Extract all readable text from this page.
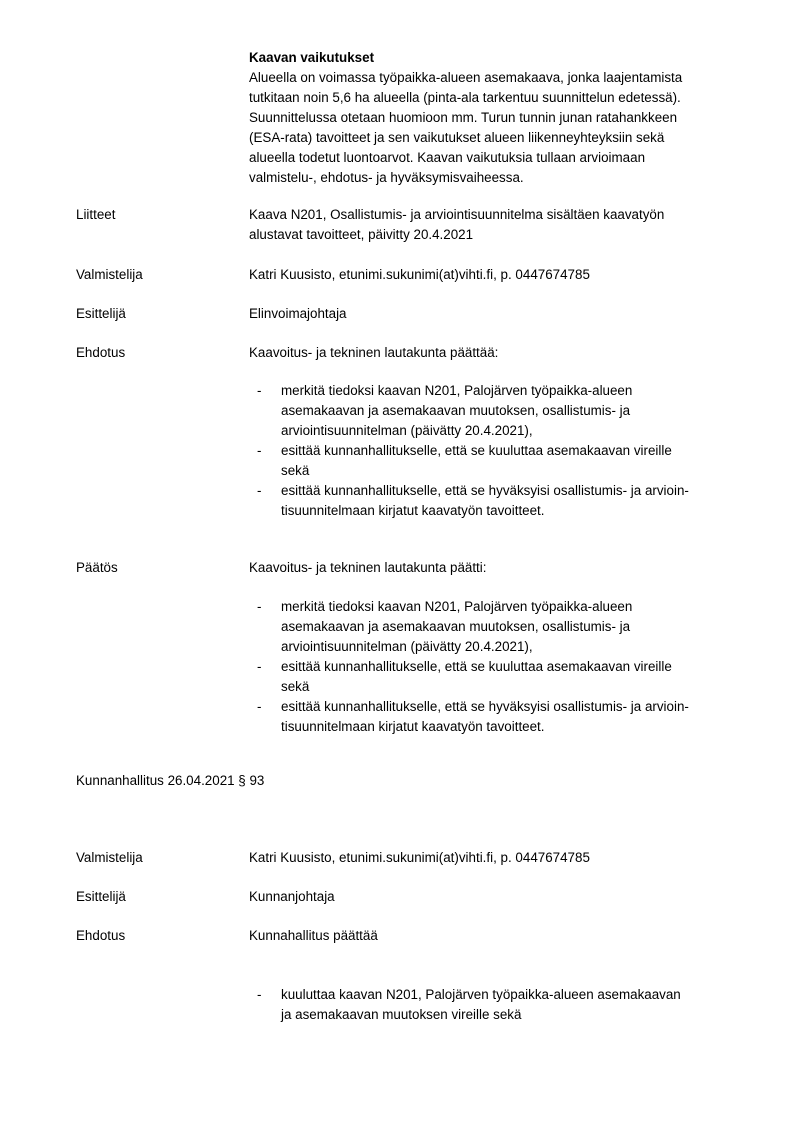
Kaavan vaikutukset
Alueella on voimassa työpaikka-alueen asemakaava, jonka laajentamista
tutkitaan noin 5,6 ha alueella (pinta-ala tarkentuu suunnittelun edetessä).
Suunnittelussa otetaan huomioon mm. Turun tunnin junan ratahankkeen
(ESA-rata) tavoitteet ja sen vaikutukset alueen liikenneyhteyksiin sekä
alueella todetut luontoarvot. Kaavan vaikutuksia tullaan arvioimaan
valmistelu-, ehdotus- ja hyväksymisvaiheessa.
Liitteet	Kaava N201, Osallistumis- ja arviointisuunnitelma sisältäen kaavatyön
alustavat tavoitteet, päivitty 20.4.2021
Valmistelija	Katri Kuusisto, etunimi.sukunimi(at)vihti.fi, p. 0447674785
Esittelijä	Elinvoimajohtaja
Ehdotus	Kaavoitus- ja tekninen lautakunta päättää:
- merkitä tiedoksi kaavan N201, Palojärven työpaikka-alueen
asemakaavan ja asemakaavan muutoksen, osallistumis- ja
arviointisuunnitelman (päivätty 20.4.2021),
- esittää kunnanhallitukselle, että se kuuluttaa asemakaavan vireille
sekä
- esittää kunnanhallitukselle, että se hyväksyisi osallistumis- ja arvioin-
tisuunnitelmaan kirjatut kaavatyön tavoitteet.
Päätös	Kaavoitus- ja tekninen lautakunta päätti:
- merkitä tiedoksi kaavan N201, Palojärven työpaikka-alueen
asemakaavan ja asemakaavan muutoksen, osallistumis- ja
arviointisuunnitelman (päivätty 20.4.2021),
- esittää kunnanhallitukselle, että se kuuluttaa asemakaavan vireille
sekä
- esittää kunnanhallitukselle, että se hyväksyisi osallistumis- ja arvioin-
tisuunnitelmaan kirjatut kaavatyön tavoitteet.
Kunnanhallitus 26.04.2021 § 93
Valmistelija	Katri Kuusisto, etunimi.sukunimi(at)vihti.fi, p. 0447674785
Esittelijä	Kunnanjohtaja
Ehdotus	Kunnahallitus päättää
- kuuluttaa kaavan N201, Palojärven työpaikka-alueen asemakaavan
ja asemakaavan muutoksen vireille sekä
